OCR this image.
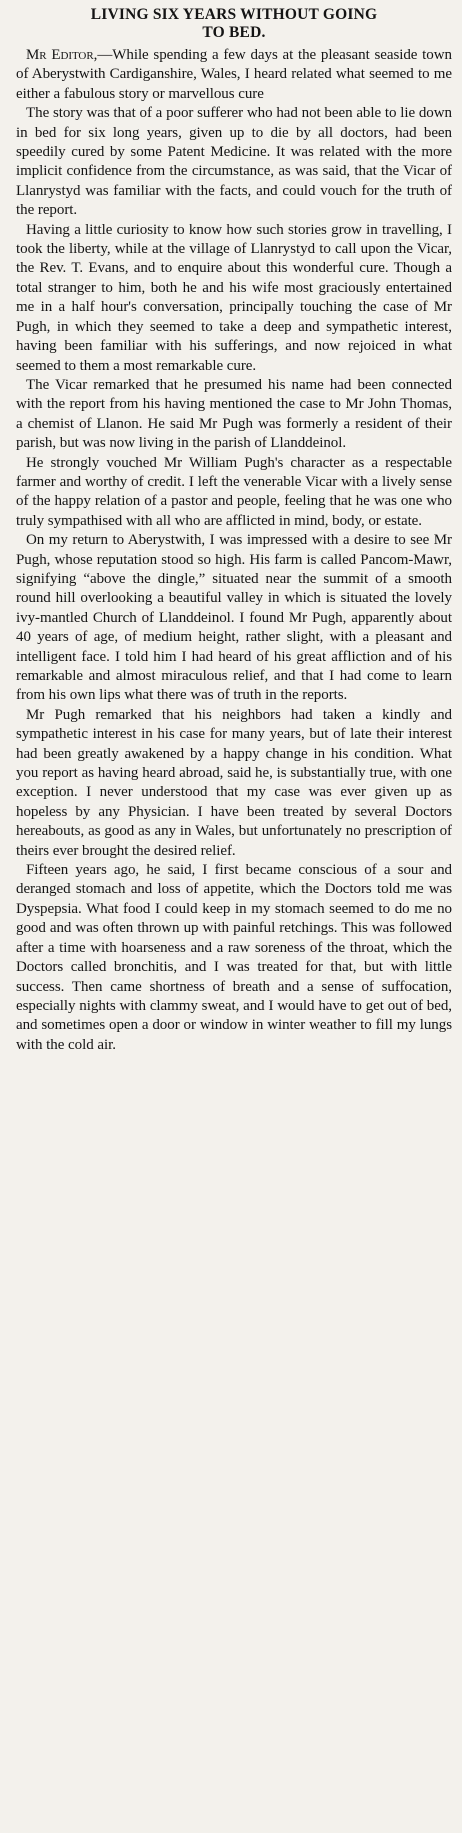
LIVING SIX YEARS WITHOUT GOING
TO BED.

Mr Editor,—While spending a few days at the pleasant seaside town of Aberystwith Cardiganshire, Wales, I heard related what seemed to me either a fabulous story or marvellous cure

The story was that of a poor sufferer who had not been able to lie down in bed for six long years, given up to die by all doctors, had been speedily cured by some Patent Medicine. It was related with the more implicit confidence from the circumstance, as was said, that the Vicar of Llanrystyd was familiar with the facts, and could vouch for the truth of the report.

Having a little curiosity to know how such stories grow in travelling, I took the liberty, while at the village of Llanrystyd to call upon the Vicar, the Rev. T. Evans, and to enquire about this wonderful cure. Though a total stranger to him, both he and his wife most graciously entertained me in a half hour's conversation, principally touching the case of Mr Pugh, in which they seemed to take a deep and sympathetic interest, having been familiar with his sufferings, and now rejoiced in what seemed to them a most remarkable cure.

The Vicar remarked that he presumed his name had been connected with the report from his having mentioned the case to Mr John Thomas, a chemist of Llanon. He said Mr Pugh was formerly a resident of their parish, but was now living in the parish of Llanddeinol.

He strongly vouched Mr William Pugh's character as a respectable farmer and worthy of credit. I left the venerable Vicar with a lively sense of the happy relation of a pastor and people, feeling that he was one who truly sympathised with all who are afflicted in mind, body, or estate.

On my return to Aberystwith, I was impressed with a desire to see Mr Pugh, whose reputation stood so high. His farm is called Pancom-Mawr, signifying “above the dingle,” situated near the summit of a smooth round hill overlooking a beautiful valley in which is situated the lovely ivy-mantled Church of Llanddeinol. I found Mr Pugh, apparently about 40 years of age, of medium height, rather slight, with a pleasant and intelligent face. I told him I had heard of his great affliction and of his remarkable and almost miraculous relief, and that I had come to learn from his own lips what there was of truth in the reports.

Mr Pugh remarked that his neighbors had taken a kindly and sympathetic interest in his case for many years, but of late their interest had been greatly awakened by a happy change in his condition. What you report as having heard abroad, said he, is substantially true, with one exception. I never understood that my case was ever given up as hopeless by any Physician. I have been treated by several Doctors hereabouts, as good as any in Wales, but unfortunately no prescription of theirs ever brought the desired relief.

Fifteen years ago, he said, I first became conscious of a sour and deranged stomach and loss of appetite, which the Doctors told me was Dyspepsia. What food I could keep in my stomach seemed to do me no good and was often thrown up with painful retchings. This was followed after a time with hoarseness and a raw soreness of the throat, which the Doctors called bronchitis, and I was treated for that, but with little success. Then came shortness of breath and a sense of suffocation, especially nights with clammy sweat, and I would have to get out of bed, and sometimes open a door or window in winter weather to fill my lungs with the cold air.
